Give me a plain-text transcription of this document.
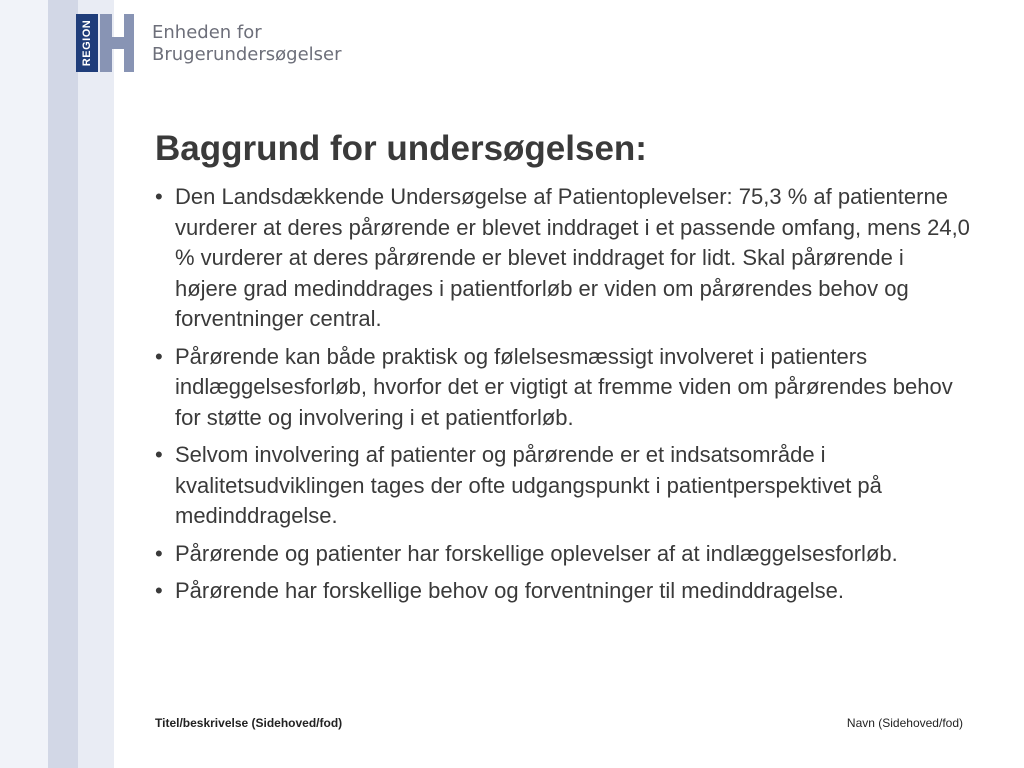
REGION	Enheden for
Brugerundersøgelser
Baggrund for undersøgelsen:
• Den Landsdækkende Undersøgelse af Patientoplevelser: 75,3 % af patienterne vurderer at deres pårørende er blevet inddraget i et passende omfang, mens 24,0 % vurderer at deres pårørende er blevet inddraget for lidt. Skal pårørende i højere grad medinddrages i patientforløb er viden om pårørendes behov og forventninger central.
• Pårørende kan både praktisk og følelsesmæssigt involveret i patienters indlæggelsesforløb, hvorfor det er vigtigt at fremme viden om pårørendes behov for støtte og involvering i et patientforløb.
• Selvom involvering af patienter og pårørende er et indsatsområde i kvalitetsudviklingen tages der ofte udgangspunkt i patientperspektivet på medinddragelse.
• Pårørende og patienter har forskellige oplevelser af at indlæggelsesforløb.
• Pårørende har forskellige behov og forventninger til medinddragelse.
Titel/beskrivelse (Sidehoved/fod)	Navn (Sidehoved/fod)
